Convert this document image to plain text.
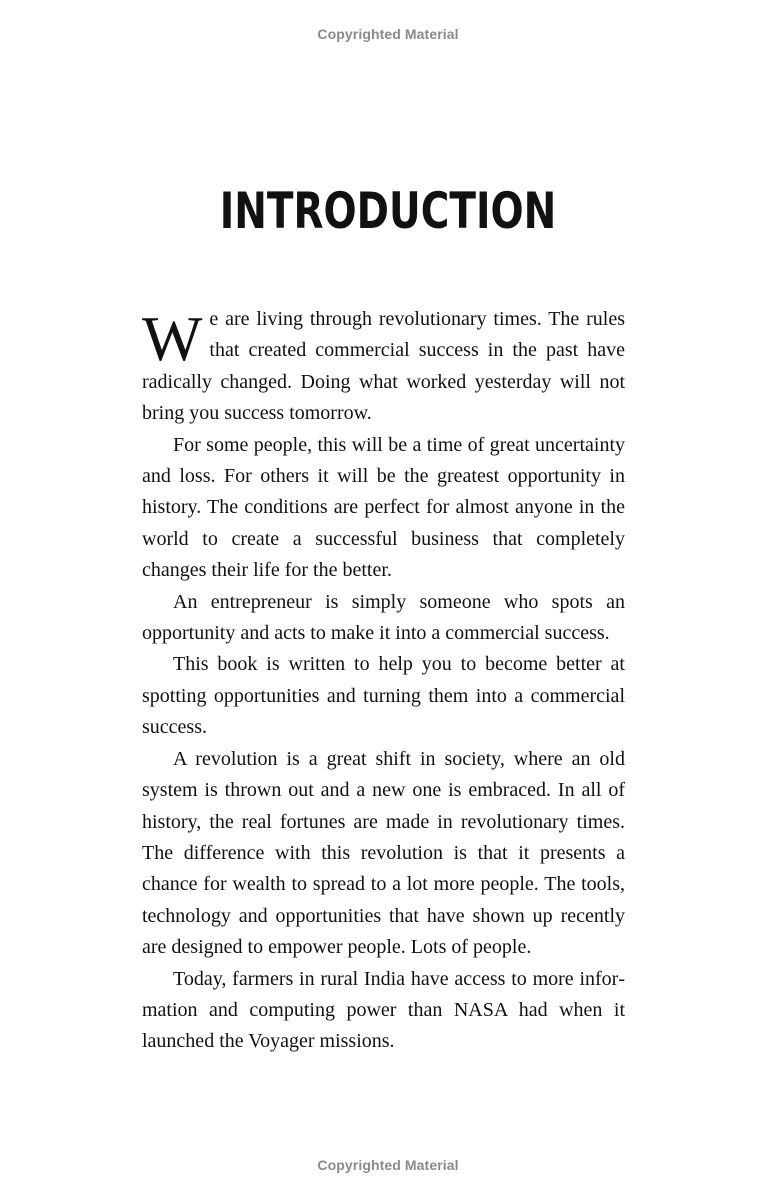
Copyrighted Material
INTRODUCTION

We are living through revolutionary times. The rules that created commercial success in the past have radically changed. Doing what worked yesterday will not bring you success tomorrow.

For some people, this will be a time of great uncertainty and loss. For others it will be the greatest opportunity in history. The conditions are perfect for almost anyone in the world to create a successful business that completely changes their life for the better.

An entrepreneur is simply someone who spots an opportunity and acts to make it into a commercial success.

This book is written to help you to become better at spotting opportunities and turning them into a commercial success.

A revolution is a great shift in society, where an old system is thrown out and a new one is embraced. In all of history, the real fortunes are made in revolutionary times. The difference with this revolution is that it presents a chance for wealth to spread to a lot more people. The tools, technology and opportunities that have shown up recently are designed to empower people. Lots of people.

Today, farmers in rural India have access to more information and computing power than NASA had when it launched the Voyager missions.

Copyrighted Material
